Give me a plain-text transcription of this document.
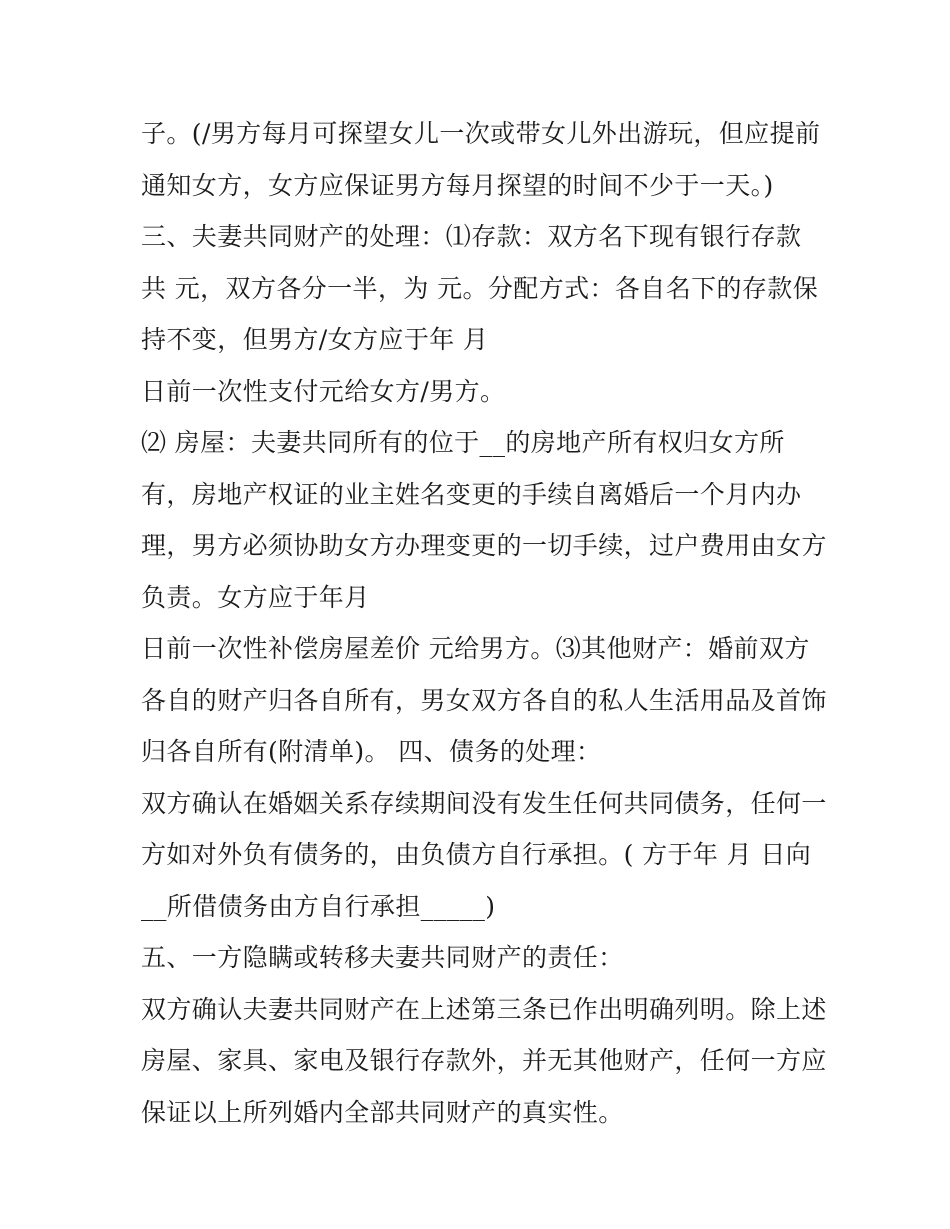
子。(/男方每月可探望女儿一次或带女儿外出游玩，但应提前
通知女方，女方应保证男方每月探望的时间不少于一天。)
三、夫妻共同财产的处理：⑴存款：双方名下现有银行存款
共 元，双方各分一半，为 元。分配方式：各自名下的存款保
持不变，但男方/女方应于年 月
日前一次性支付元给女方/男方。
⑵ 房屋：夫妻共同所有的位于__的房地产所有权归女方所
有，房地产权证的业主姓名变更的手续自离婚后一个月内办
理，男方必须协助女方办理变更的一切手续，过户费用由女方
负责。女方应于年月
日前一次性补偿房屋差价 元给男方。⑶其他财产：婚前双方
各自的财产归各自所有，男女双方各自的私人生活用品及首饰
归各自所有(附清单)。 四、债务的处理：
双方确认在婚姻关系存续期间没有发生任何共同债务，任何一
方如对外负有债务的，由负债方自行承担。( 方于年 月 日向
__所借债务由方自行承担_____)
五、一方隐瞒或转移夫妻共同财产的责任：
双方确认夫妻共同财产在上述第三条已作出明确列明。除上述
房屋、家具、家电及银行存款外，并无其他财产，任何一方应
保证以上所列婚内全部共同财产的真实性。
